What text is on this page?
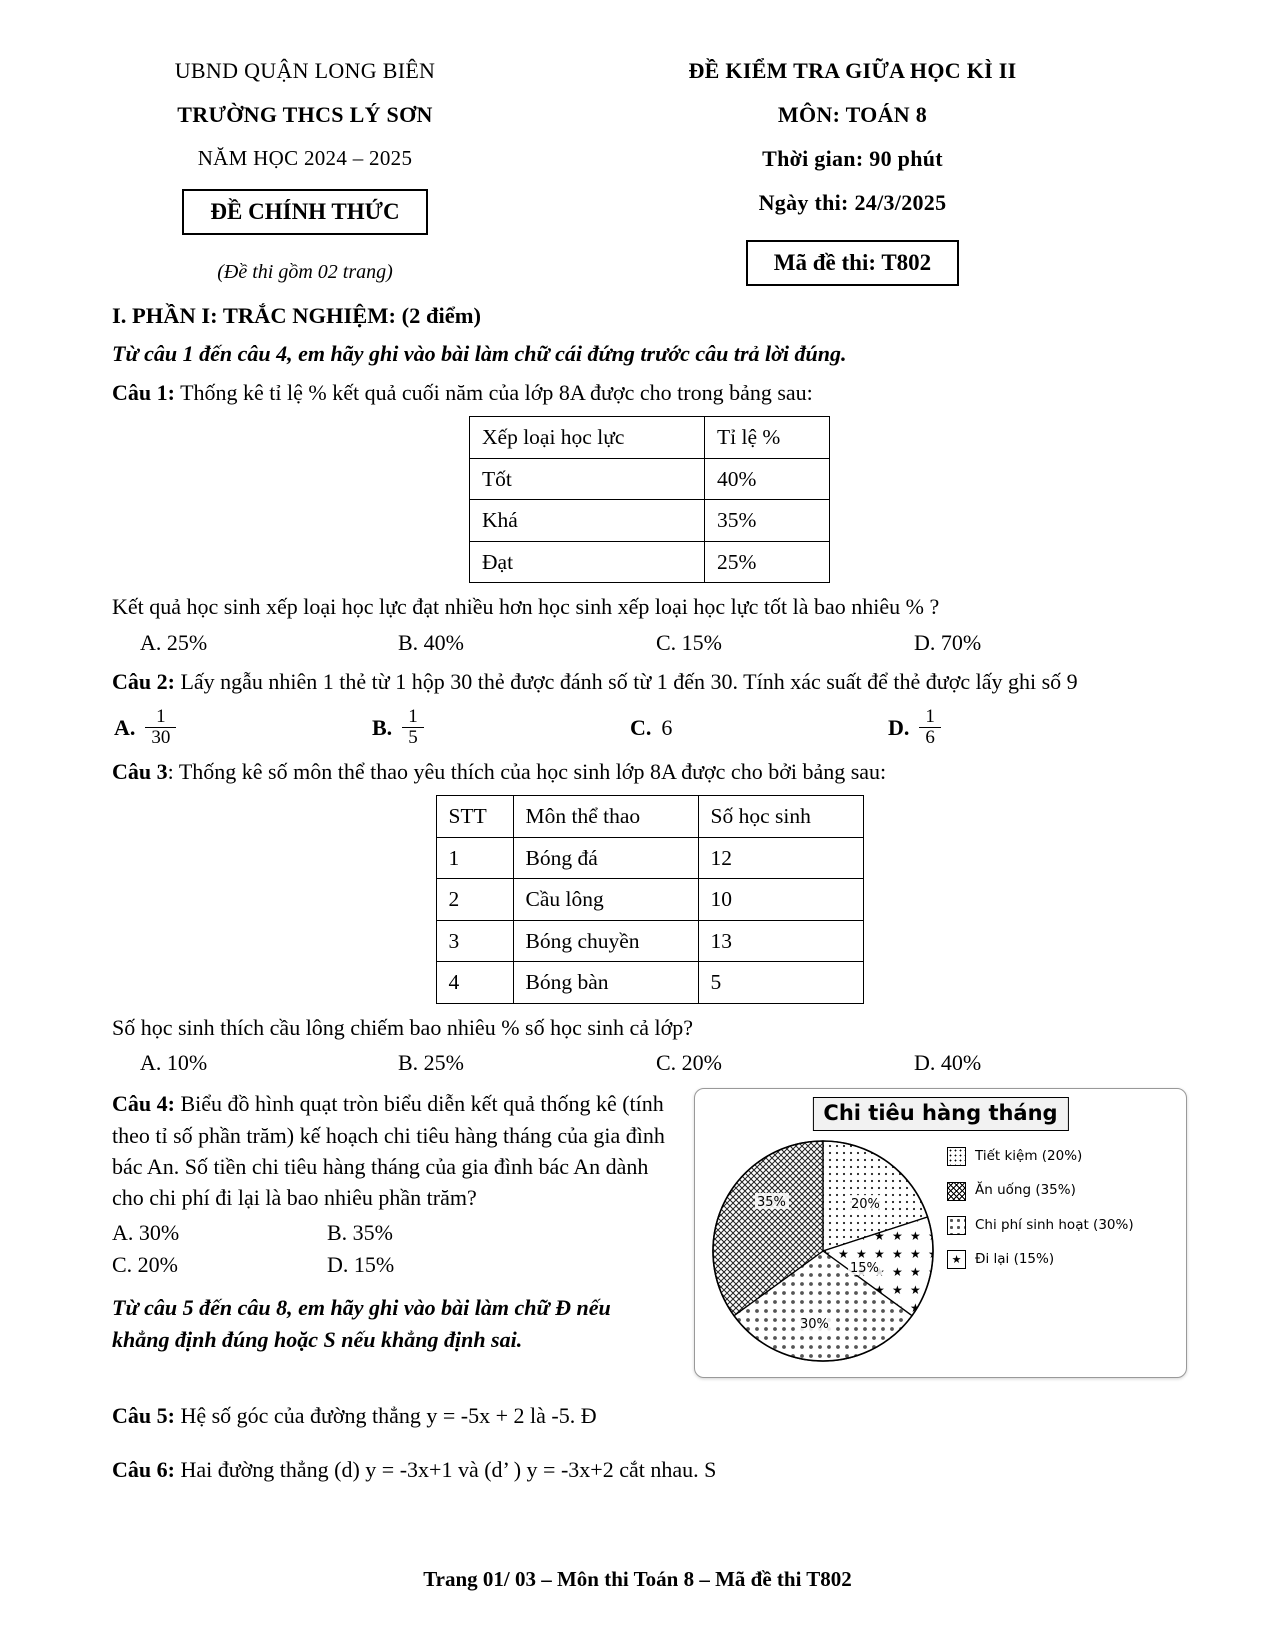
UBND QUẬN LONG BIÊN
TRƯỜNG THCS LÝ SƠN
NĂM HỌC 2024 – 2025
ĐỀ CHÍNH THỨC
(Đề thi gồm 02 trang)
ĐỀ KIỂM TRA GIỮA HỌC KÌ II
MÔN: TOÁN 8
Thời gian: 90 phút
Ngày thi: 24/3/2025
Mã đề thi: T802
I. PHẦN I: TRẮC NGHIỆM: (2 điểm)
Từ câu 1 đến câu 4, em hãy ghi vào bài làm chữ cái đứng trước câu trả lời đúng.
Câu 1: Thống kê tỉ lệ % kết quả cuối năm của lớp 8A được cho trong bảng sau:
Xếp loại học lực	Tỉ lệ %
Tốt	40%
Khá	35%
Đạt	25%
Kết quả học sinh xếp loại học lực đạt nhiều hơn học sinh xếp loại học lực tốt là bao nhiêu % ?
A. 25%	B. 40%	C. 15%	D. 70%
Câu 2: Lấy ngẫu nhiên 1 thẻ từ 1 hộp 30 thẻ được đánh số từ 1 đến 30. Tính xác suất để thẻ được lấy ghi số 9
A. $\frac{1}{30}$	B. $\frac{1}{5}$	C. 6	D. $\frac{1}{6}$
Câu 3: Thống kê số môn thể thao yêu thích của học sinh lớp 8A được cho bởi bảng sau:
STT	Môn thể thao	Số học sinh
1	Bóng đá	12
2	Cầu lông	10
3	Bóng chuyền	13
4	Bóng bàn	5
Số học sinh thích cầu lông chiếm bao nhiêu % số học sinh cả lớp?
A. 10%	B. 25%	C. 20%	D. 40%
Câu 4: Biểu đồ hình quạt tròn biểu diễn kết quả thống kê (tính theo tỉ số phần trăm) kế hoạch chi tiêu hàng tháng của gia đình bác An. Số tiền chi tiêu hàng tháng của gia đình bác An dành cho chi phí đi lại là bao nhiêu phần trăm?
A. 30%	B. 35%
C. 20%	D. 15%
Từ câu 5 đến câu 8, em hãy ghi vào bài làm chữ Đ nếu khẳng định đúng hoặc S nếu khẳng định sai.
Chi tiêu hàng tháng
20%
35%
30%
15%
Tiết kiệm (20%)
Ăn uống (35%)
Chi phí sinh hoạt (30%)
★	Đi lại (15%)
Câu 5: Hệ số góc của đường thẳng y = -5x + 2 là -5. Đ
Câu 6: Hai đường thẳng (d) y = -3x+1 và (d’ ) y = -3x+2 cắt nhau. S
Trang 01/ 03 – Môn thi Toán 8 – Mã đề thi T802
